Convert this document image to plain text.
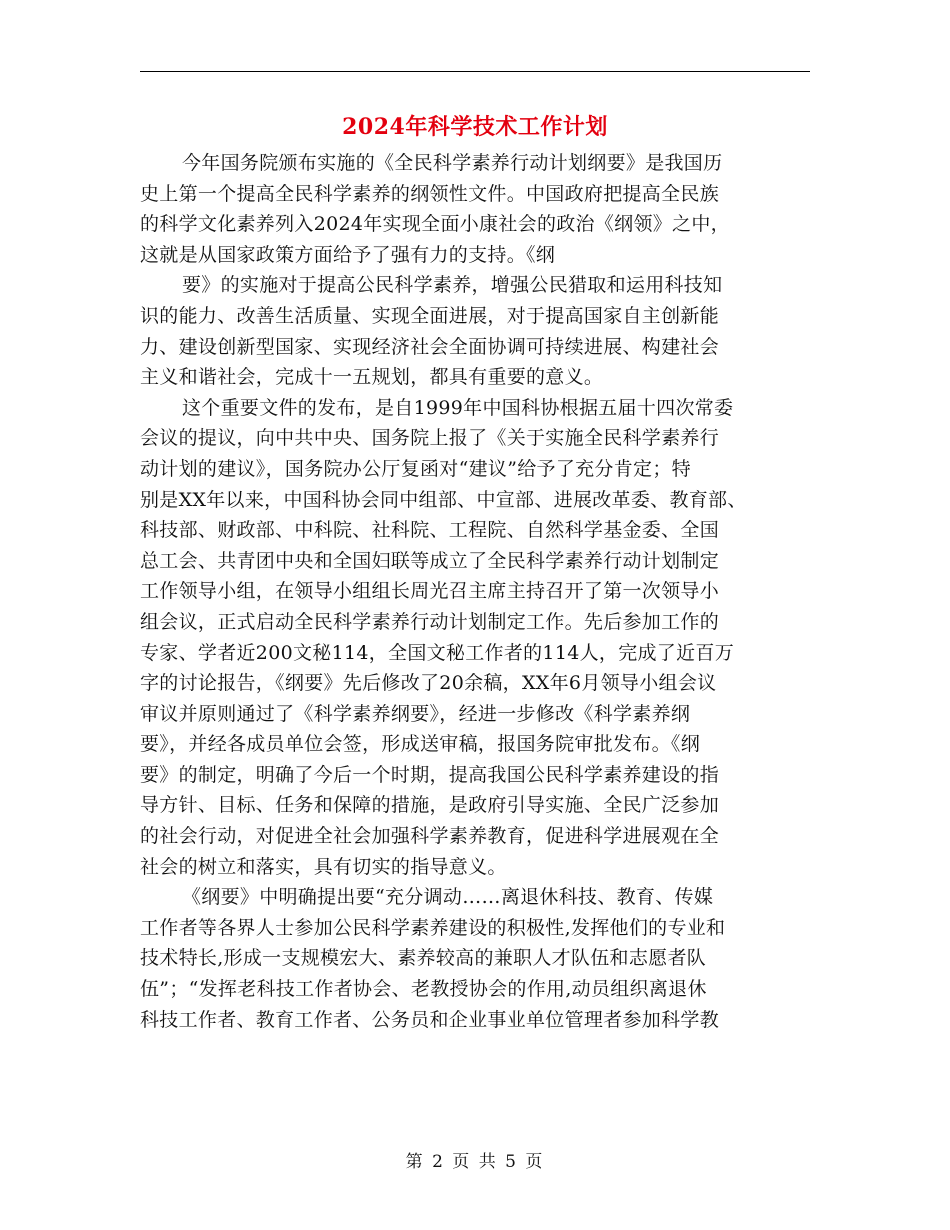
2024年科学技术工作计划
今年国务院颁布实施的《全民科学素养行动计划纲要》是我国历
史上第一个提高全民科学素养的纲领性文件。中国政府把提高全民族
的科学文化素养列入2024年实现全面小康社会的政治《纲领》之中，
这就是从国家政策方面给予了强有力的支持。《纲
要》的实施对于提高公民科学素养，增强公民猎取和运用科技知
识的能力、改善生活质量、实现全面进展，对于提高国家自主创新能
力、建设创新型国家、实现经济社会全面协调可持续进展、构建社会
主义和谐社会，完成十一五规划，都具有重要的意义。
这个重要文件的发布，是自1999年中国科协根据五届十四次常委
会议的提议，向中共中央、国务院上报了《关于实施全民科学素养行
动计划的建议》，国务院办公厅复函对“建议”给予了充分肯定；特
别是XX年以来，中国科协会同中组部、中宣部、进展改革委、教育部、
科技部、财政部、中科院、社科院、工程院、自然科学基金委、全国
总工会、共青团中央和全国妇联等成立了全民科学素养行动计划制定
工作领导小组，在领导小组组长周光召主席主持召开了第一次领导小
组会议，正式启动全民科学素养行动计划制定工作。先后参加工作的
专家、学者近200文秘114，全国文秘工作者的114人，完成了近百万
字的讨论报告，《纲要》先后修改了20余稿，XX年6月领导小组会议
审议并原则通过了《科学素养纲要》，经进一步修改《科学素养纲
要》，并经各成员单位会签，形成送审稿，报国务院审批发布。《纲
要》的制定，明确了今后一个时期，提高我国公民科学素养建设的指
导方针、目标、任务和保障的措施，是政府引导实施、全民广泛参加
的社会行动，对促进全社会加强科学素养教育，促进科学进展观在全
社会的树立和落实，具有切实的指导意义。
《纲要》中明确提出要“充分调动……离退休科技、教育、传媒
工作者等各界人士参加公民科学素养建设的积极性,发挥他们的专业和
技术特长,形成一支规模宏大、素养较高的兼职人才队伍和志愿者队
伍”；“发挥老科技工作者协会、老教授协会的作用,动员组织离退休
科技工作者、教育工作者、公务员和企业事业单位管理者参加科学教
第 2 页 共 5 页
